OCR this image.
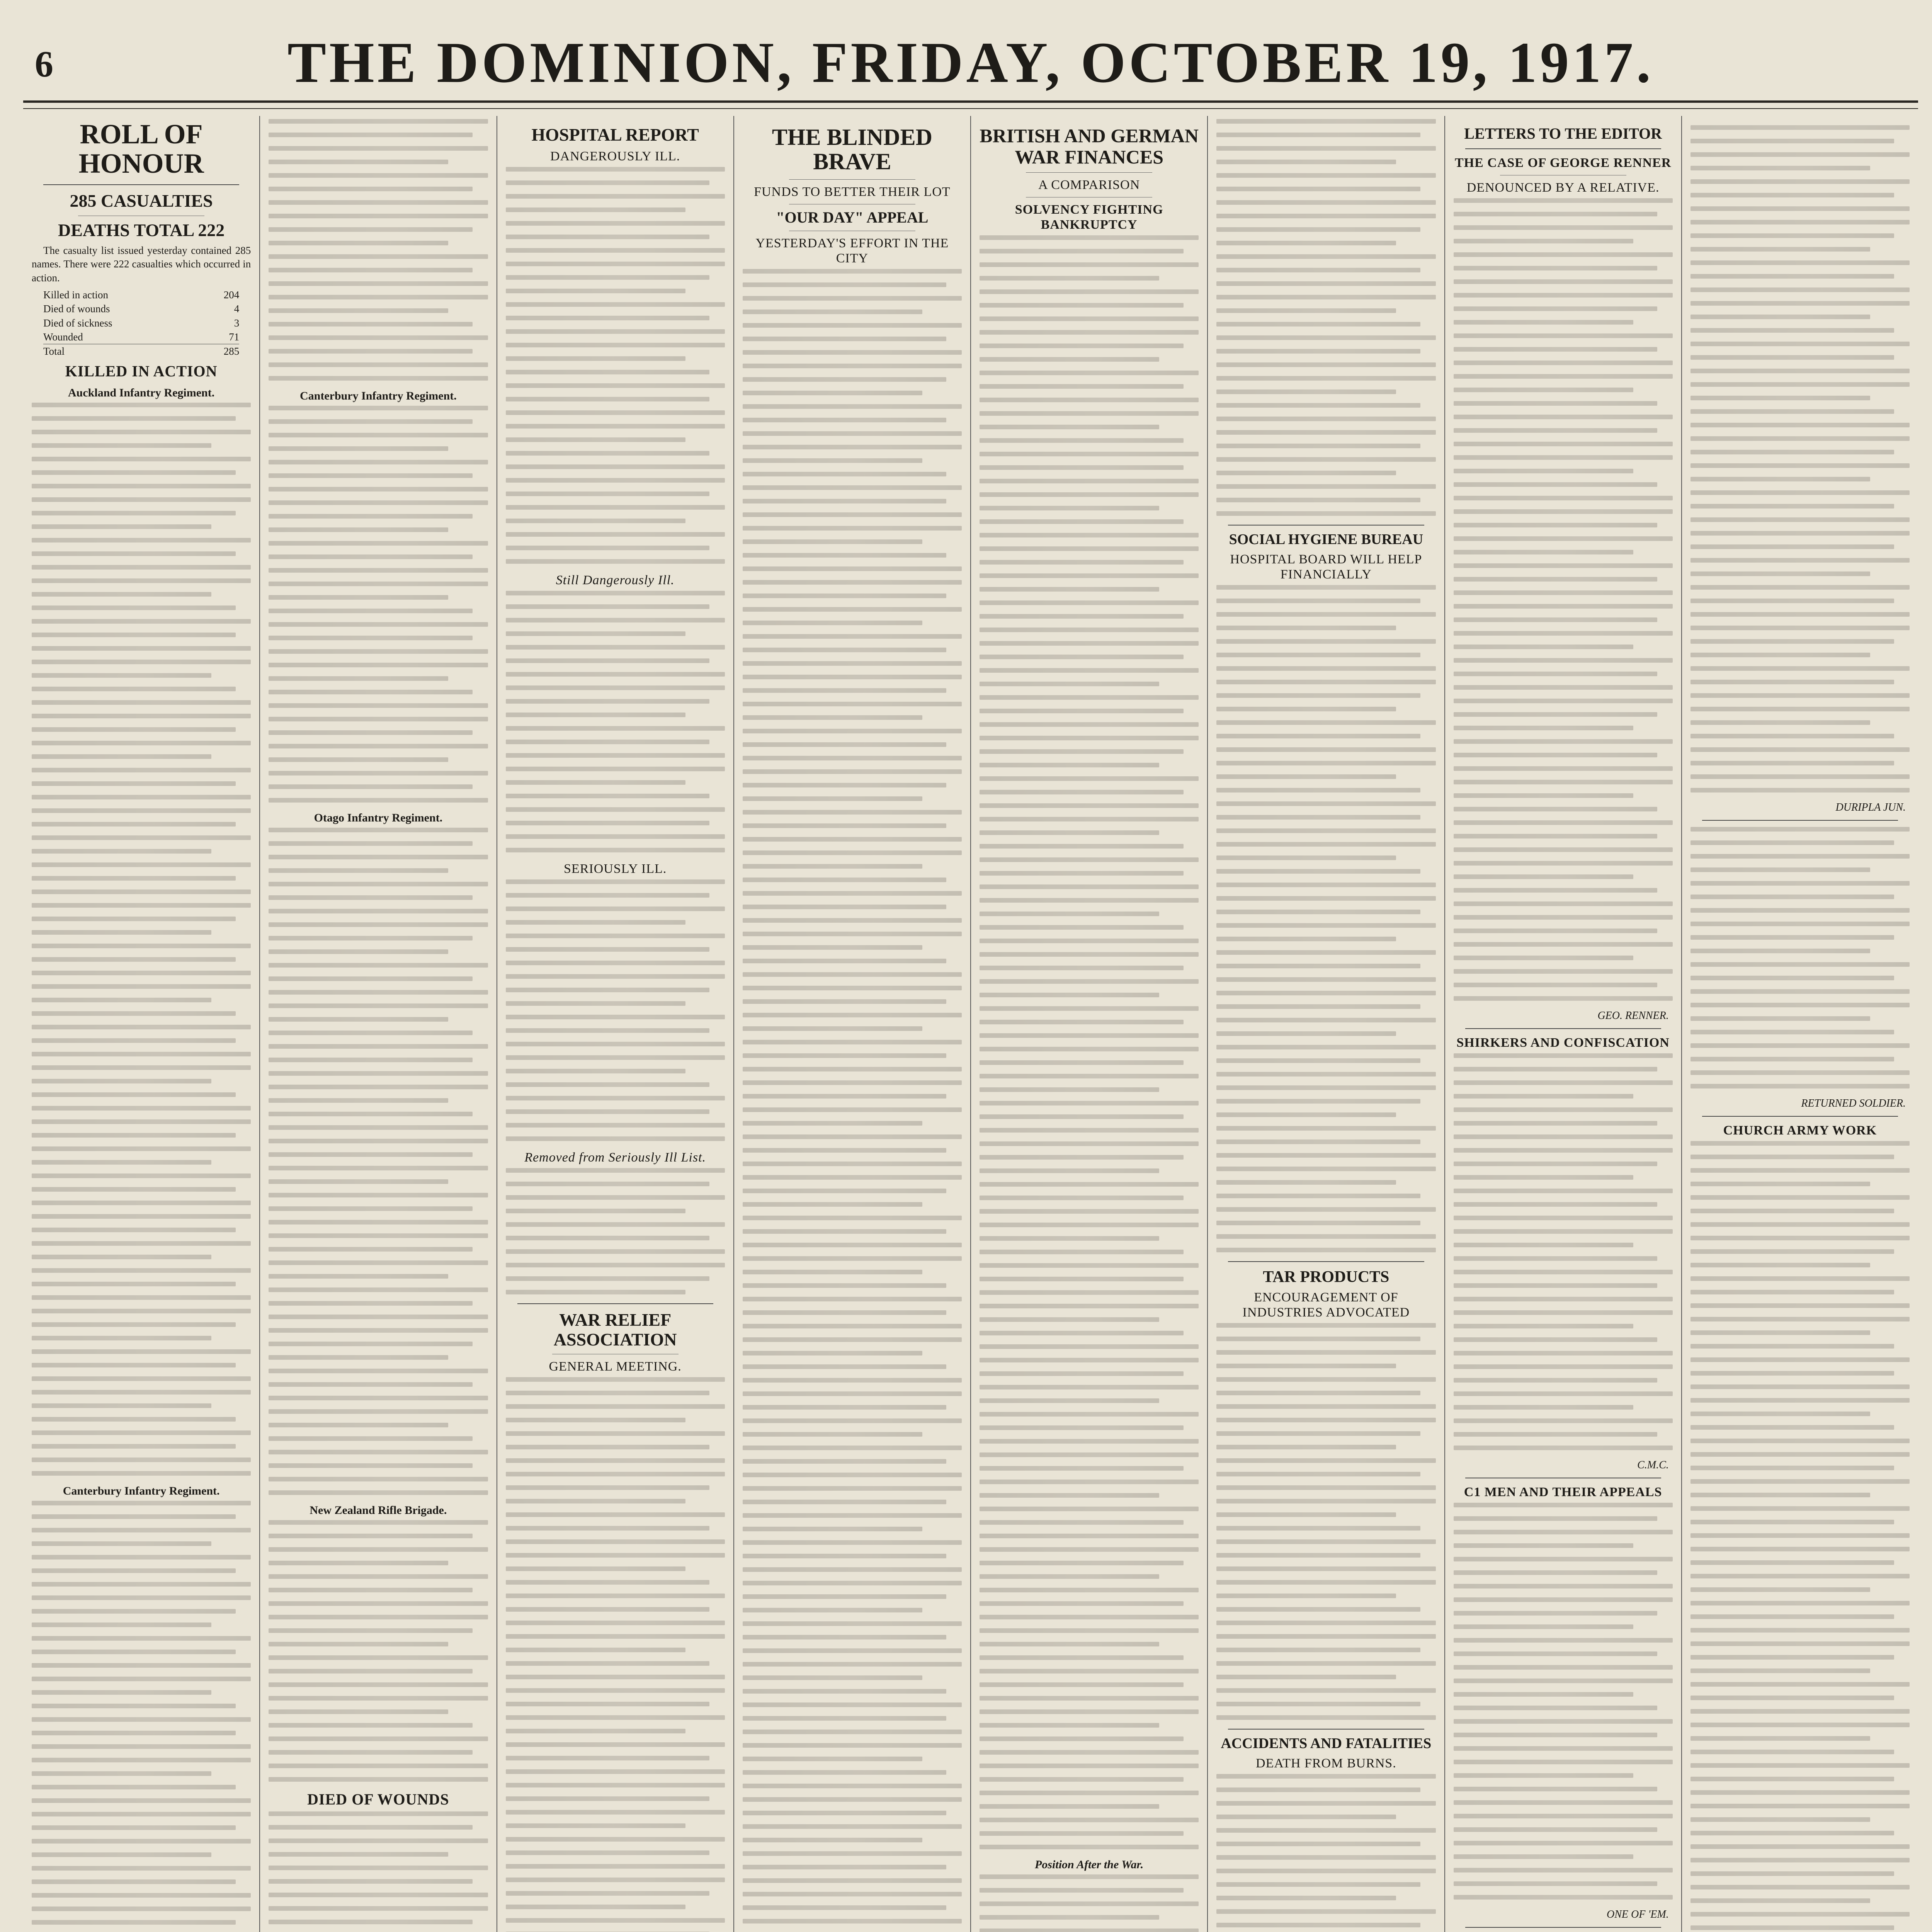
6	THE DOMINION, FRIDAY, OCTOBER 19, 1917.
ROLL OF HONOUR
285 CASUALTIES
DEATHS TOTAL 222

The casualty list issued yesterday contained 285 names. There were 222 casualties which occurred in action.

Killed in action	204
Died of wounds	4
Died of sickness	3
Wounded	71
Total	285
KILLED IN ACTION
Auckland Infantry Regiment.
Canterbury Infantry Regiment.
Canterbury Infantry Regiment.
Otago Infantry Regiment.
New Zealand Rifle Brigade.
DIED OF WOUNDS
HOSPITAL REPORT
DANGEROUSLY ILL.
Still Dangerously Ill.
SERIOUSLY ILL.
Removed from Seriously Ill List.
WAR RELIEF ASSOCIATION
GENERAL MEETING.
THE BLINDED BRAVE
FUNDS TO BETTER THEIR LOT
"OUR DAY" APPEAL
YESTERDAY'S EFFORT IN THE CITY
BRITISH AND GERMAN WAR FINANCES
A COMPARISON
SOLVENCY FIGHTING BANKRUPTCY
Position After the War.
SOCIAL HYGIENE BUREAU
HOSPITAL BOARD WILL HELP FINANCIALLY
TAR PRODUCTS
ENCOURAGEMENT OF INDUSTRIES ADVOCATED
ACCIDENTS AND FATALITIES
DEATH FROM BURNS.
LETTERS TO THE EDITOR
THE CASE OF GEORGE RENNER
DENOUNCED BY A RELATIVE.
GEO. RENNER.
SHIRKERS AND CONFISCATION
C.M.C.
C1 MEN AND THEIR APPEALS
ONE OF 'EM.
DURIPLA JUN.
RETURNED SOLDIER.
CHURCH ARMY WORK
